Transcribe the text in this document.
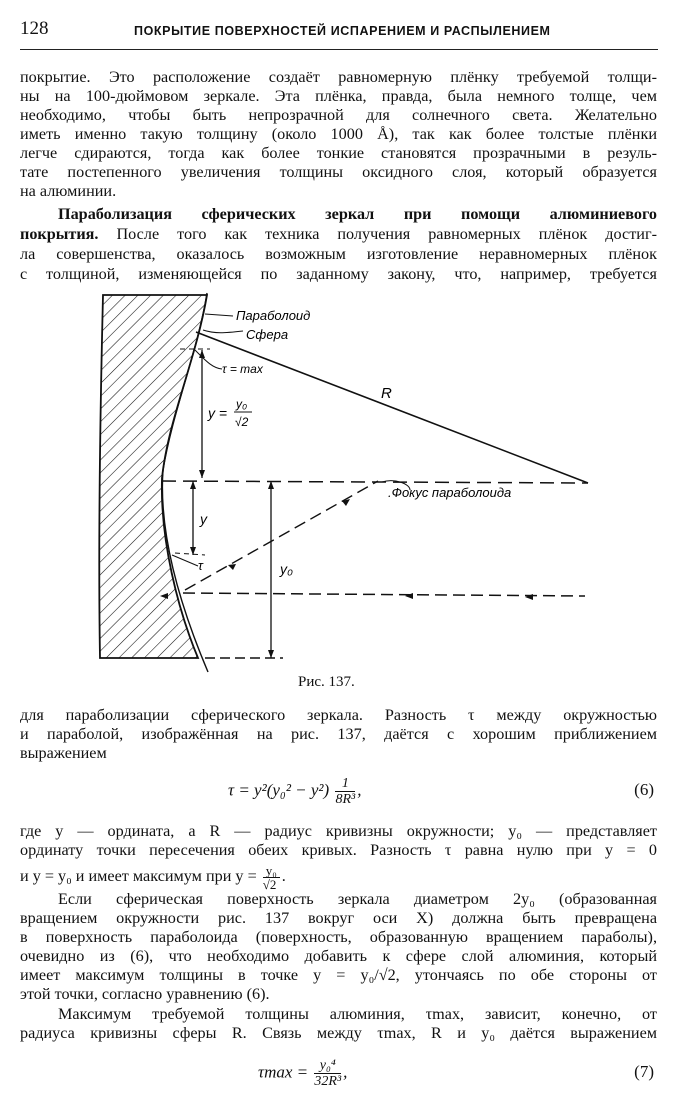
128	ПОКРЫТИЕ ПОВЕРХНОСТЕЙ ИСПАРЕНИЕМ И РАСПЫЛЕНИЕМ
покрытие. Это расположение создаёт равномерную плёнку требуемой толщи-
ны на 100-дюймовом зеркале. Эта плёнка, правда, была немного толще, чем
необходимо, чтобы быть непрозрачной для солнечного света. Желательно
иметь именно такую толщину (около 1000 Å), так как более толстые плёнки
легче сдираются, тогда как более тонкие становятся прозрачными в резуль-
тате постепенного увеличения толщины оксидного слоя, который образуется
на алюминии.
ла совершенства, оказалось возможным изготовление неравномерных плёнок
с толщиной, изменяющейся по заданному закону, что, например, требуется
для параболизации сферического зеркала. Разность τ между окружностью
и параболой, изображённая на рис. 137, даётся с хорошим приближением
выражением
где y — ордината, а R — радиус кривизны окружности; y₀ — представляет
ординату точки пересечения обеих кривых. Разность τ равна нулю при y = 0
Если сферическая поверхность зеркала диаметром 2y₀ (образованная
вращением окружности рис. 137 вокруг оси X) должна быть превращена
в поверхность параболоида (поверхность, образованную вращением параболы),
очевидно из (6), что необходимо добавить к сфере слой алюминия, который
имеет максимум толщины в точке y = y₀/√2, утончаясь по обе стороны от
этой точки, согласно уравнению (6).
Максимум требуемой толщины алюминия, τmax, зависит, конечно, от
радиуса кривизны сферы R. Связь между τmax, R и y₀ даётся выражением
Параболизация сферических зеркал при помощи алюминиевого
покрытия. После того как техника получения равномерных плёнок достиг-
Параболоид
Сфера
τ = max
y =
y₀
√2
R
.Фокус параболоида
y
τ	y₀
Рис. 137.
$\tau = y^2(y_0^2 - y^2) \frac{1}{\text{8R³}}$ ,	(6)
и y = y₀ и имеет максимум при $y = \frac{\text{y₀}}{√2}$ .
$\tau\max = \frac{\text{y₀⁴}}{\text{32R³}}$ ,	(7)
